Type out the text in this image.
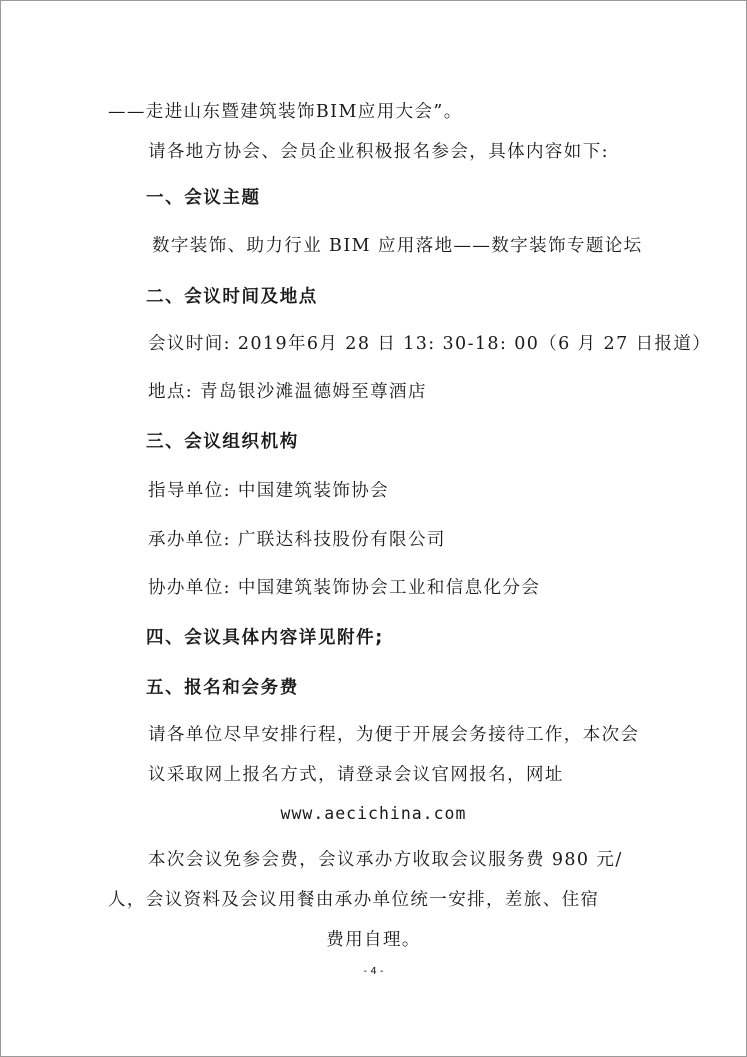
——走进山东暨建筑装饰BIM应用大会”。
请各地方协会、会员企业积极报名参会，具体内容如下:
一、会议主题
数字装饰、助力行业 BIM 应用落地——数字装饰专题论坛
二、会议时间及地点
会议时间: 2019年6月 28 日 13: 30-18: 00（6 月 27 日报道）
地点: 青岛银沙滩温德姆至尊酒店
三、会议组织机构
指导单位: 中国建筑装饰协会
承办单位: 广联达科技股份有限公司
协办单位: 中国建筑装饰协会工业和信息化分会
四、会议具体内容详见附件;
五、报名和会务费
请各单位尽早安排行程，为便于开展会务接待工作，本次会
议采取网上报名方式，请登录会议官网报名，网址
www.aecichina.com
本次会议免参会费，会议承办方收取会议服务费 980 元/
人，会议资料及会议用餐由承办单位统一安排，差旅、住宿
费用自理。
- 4 -
